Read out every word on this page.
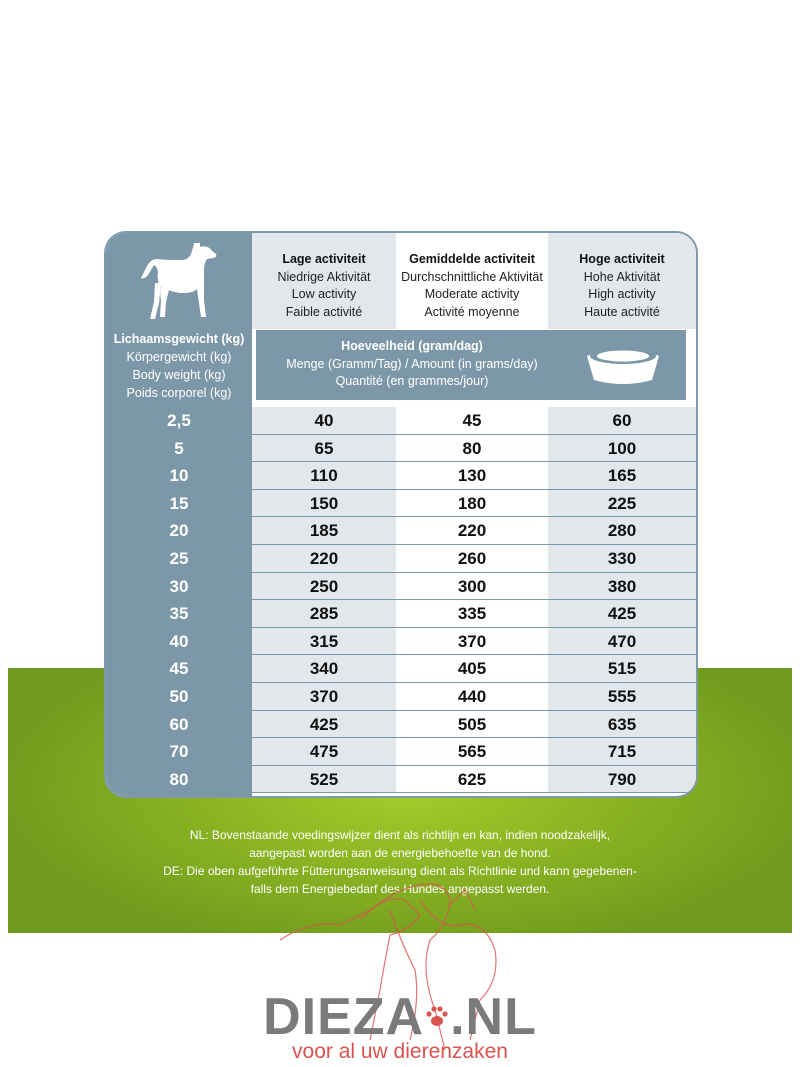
Lichaamsgewicht (kg)
Körpergewicht (kg)
Body weight (kg)
Poids corporel (kg)
Lage activiteit
Niedrige Aktivität
Low activity
Faible activité
Gemiddelde activiteit
Durchschnittliche Aktivität
Moderate activity
Activité moyenne
Hoge activiteit
Hohe Aktivität
High activity
Haute activité
Hoeveelheid (gram/dag)
Menge (Gramm/Tag) / Amount (in grams/day)
Quantité (en grammes/jour)
2,5	40	45	60
5	65	80	100
10	110	130	165
15	150	180	225
20	185	220	280
25	220	260	330
30	250	300	380
35	285	335	425
40	315	370	470
45	340	405	515
50	370	440	555
60	425	505	635
70	475	565	715
80	525	625	790
NL: Bovenstaande voedingswijzer dient als richtlijn en kan, indien noodzakelijk,
aangepast worden aan de energiebehoefte van de hond.
DE: Die oben aufgeführte Fütterungsanweisung dient als Richtlinie und kann gegebenen-
falls dem Energiebedarf des Hundes angepasst werden.
DIEZA .NL
voor al uw dierenzaken
